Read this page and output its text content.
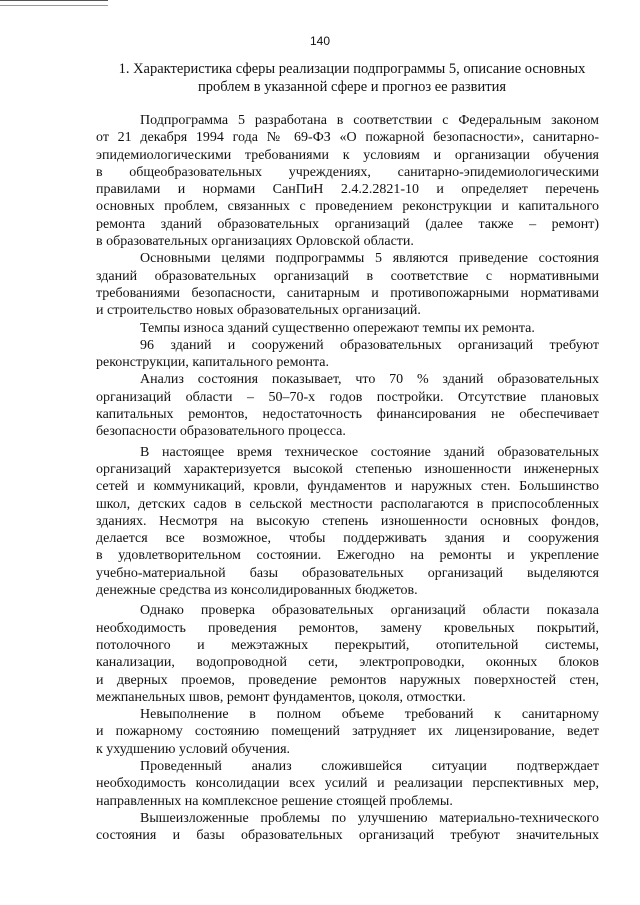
140
1. Характеристика сферы реализации подпрограммы 5, описание основных
проблем в указанной сфере и прогноз ее развития
Подпрограмма 5 разработана в соответствии с Федеральным законом
от 21 декабря 1994 года № 69-ФЗ «О пожарной безопасности», санитарно-
эпидемиологическими требованиями к условиям и организации обучения
в общеобразовательных учреждениях, санитарно-эпидемиологическими
правилами и нормами СанПиН 2.4.2.2821-10 и определяет перечень
основных проблем, связанных с проведением реконструкции и капитального
ремонта зданий образовательных организаций (далее также – ремонт)
в образовательных организациях Орловской области.
Основными целями подпрограммы 5 являются приведение состояния
зданий образовательных организаций в соответствие с нормативными
требованиями безопасности, санитарным и противопожарными нормативами
и строительство новых образовательных организаций.
Темпы износа зданий существенно опережают темпы их ремонта.
96 зданий и сооружений образовательных организаций требуют
реконструкции, капитального ремонта.
Анализ состояния показывает, что 70 % зданий образовательных
организаций области – 50–70-х годов постройки. Отсутствие плановых
капитальных ремонтов, недостаточность финансирования не обеспечивает
безопасности образовательного процесса.
В настоящее время техническое состояние зданий образовательных
организаций характеризуется высокой степенью изношенности инженерных
сетей и коммуникаций, кровли, фундаментов и наружных стен. Большинство
школ, детских садов в сельской местности располагаются в приспособленных
зданиях. Несмотря на высокую степень изношенности основных фондов,
делается все возможное, чтобы поддерживать здания и сооружения
в удовлетворительном состоянии. Ежегодно на ремонты и укрепление
учебно-материальной базы образовательных организаций выделяются
денежные средства из консолидированных бюджетов.
Однако проверка образовательных организаций области показала
необходимость проведения ремонтов, замену кровельных покрытий,
потолочного и межэтажных перекрытий, отопительной системы,
канализации, водопроводной сети, электропроводки, оконных блоков
и дверных проемов, проведение ремонтов наружных поверхностей стен,
межпанельных швов, ремонт фундаментов, цоколя, отмостки.
Невыполнение в полном объеме требований к санитарному
и пожарному состоянию помещений затрудняет их лицензирование, ведет
к ухудшению условий обучения.
Проведенный анализ сложившейся ситуации подтверждает
необходимость консолидации всех усилий и реализации перспективных мер,
направленных на комплексное решение стоящей проблемы.
Вышеизложенные проблемы по улучшению материально-технического
состояния и базы образовательных организаций требуют значительных
